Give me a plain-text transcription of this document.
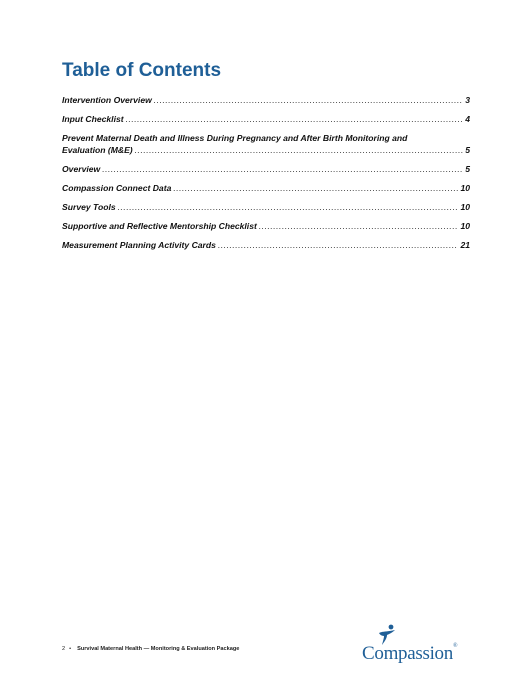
Table of Contents
Intervention Overview .....	3
Input Checklist .....	4
Prevent Maternal Death and Illness During Pregnancy and After Birth Monitoring and
Evaluation (M&E) .....	5
Overview .....	5
Compassion Connect Data .....	10
Survey Tools .....	10
Supportive and Reflective Mentorship Checklist .....	10
Measurement Planning Activity Cards .....	21
2 • Survival Maternal Health — Monitoring & Evaluation Package	Compassion®
